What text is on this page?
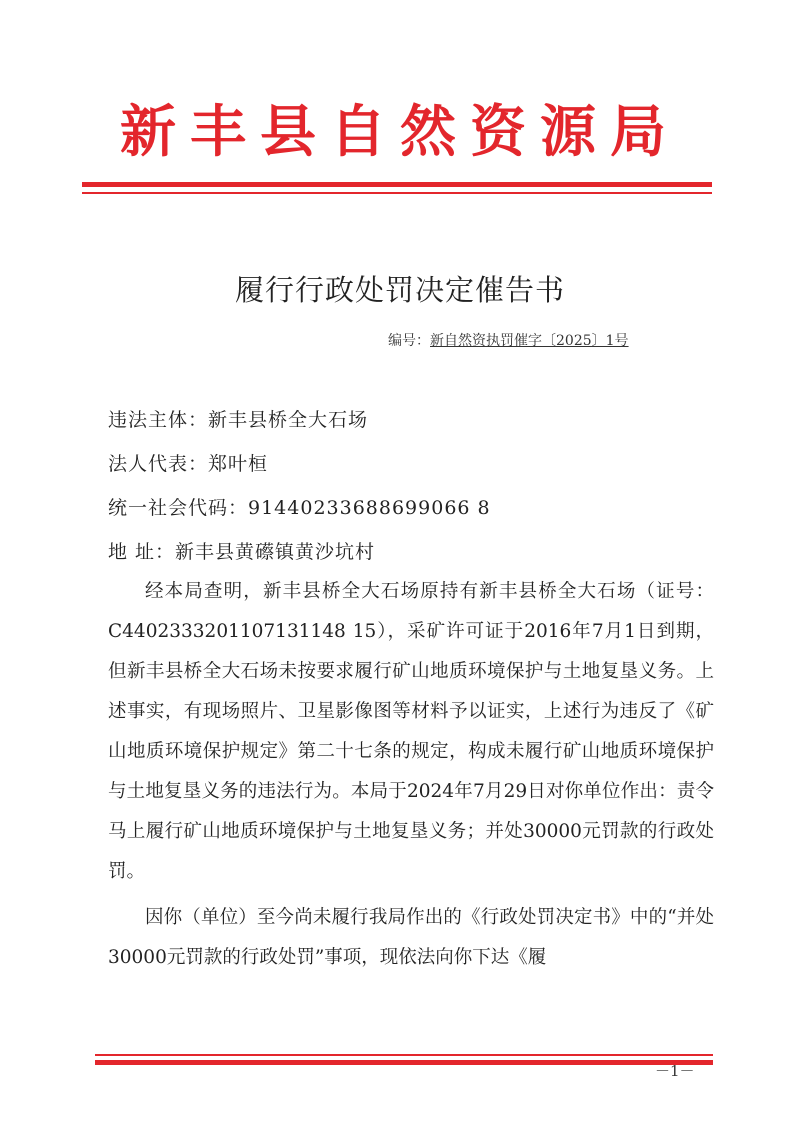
新丰县自然资源局
履行行政处罚决定催告书
编号：新自然资执罚催字〔2025〕1号
违法主体：新丰县桥全大石场
法人代表：郑叶桓
统一社会代码：91440233688699066 8
地 址：新丰县黄礤镇黄沙坑村

经本局查明，新丰县桥全大石场原持有新丰县桥全大石场（证号：C4402333201107131148 15），采矿许可证于2016年7月1日到期，但新丰县桥全大石场未按要求履行矿山地质环境保护与土地复垦义务。上述事实，有现场照片、卫星影像图等材料予以证实，上述行为违反了《矿山地质环境保护规定》第二十七条的规定，构成未履行矿山地质环境保护与土地复垦义务的违法行为。本局于2024年7月29日对你单位作出：责令马上履行矿山地质环境保护与土地复垦义务；并处30000元罚款的行政处罚。

因你（单位）至今尚未履行我局作出的《行政处罚决定书》中的“并处30000元罚款的行政处罚”事项，现依法向你下达《履

－1－
